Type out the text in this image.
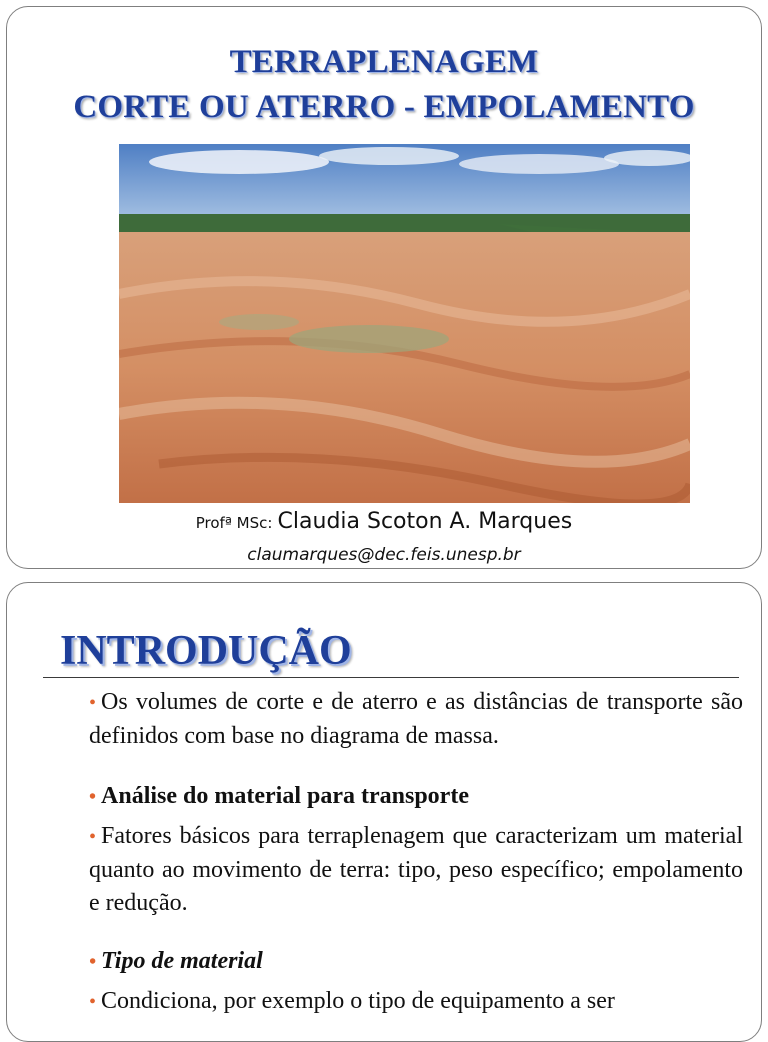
TERRAPLENAGEM
CORTE OU ATERRO - EMPOLAMENTO
Profª MSc: Claudia Scoton A. Marques
claumarques@dec.feis.unesp.br
INTRODUÇÃO
• Os volumes de corte e de aterro e as distâncias de transporte são definidos com base no diagrama de massa.
• Análise do material para transporte
• Fatores básicos para terraplenagem que caracterizam um material quanto ao movimento de terra: tipo, peso específico; empolamento e redução.
• Tipo de material
• Condiciona, por exemplo o tipo de equipamento a ser
